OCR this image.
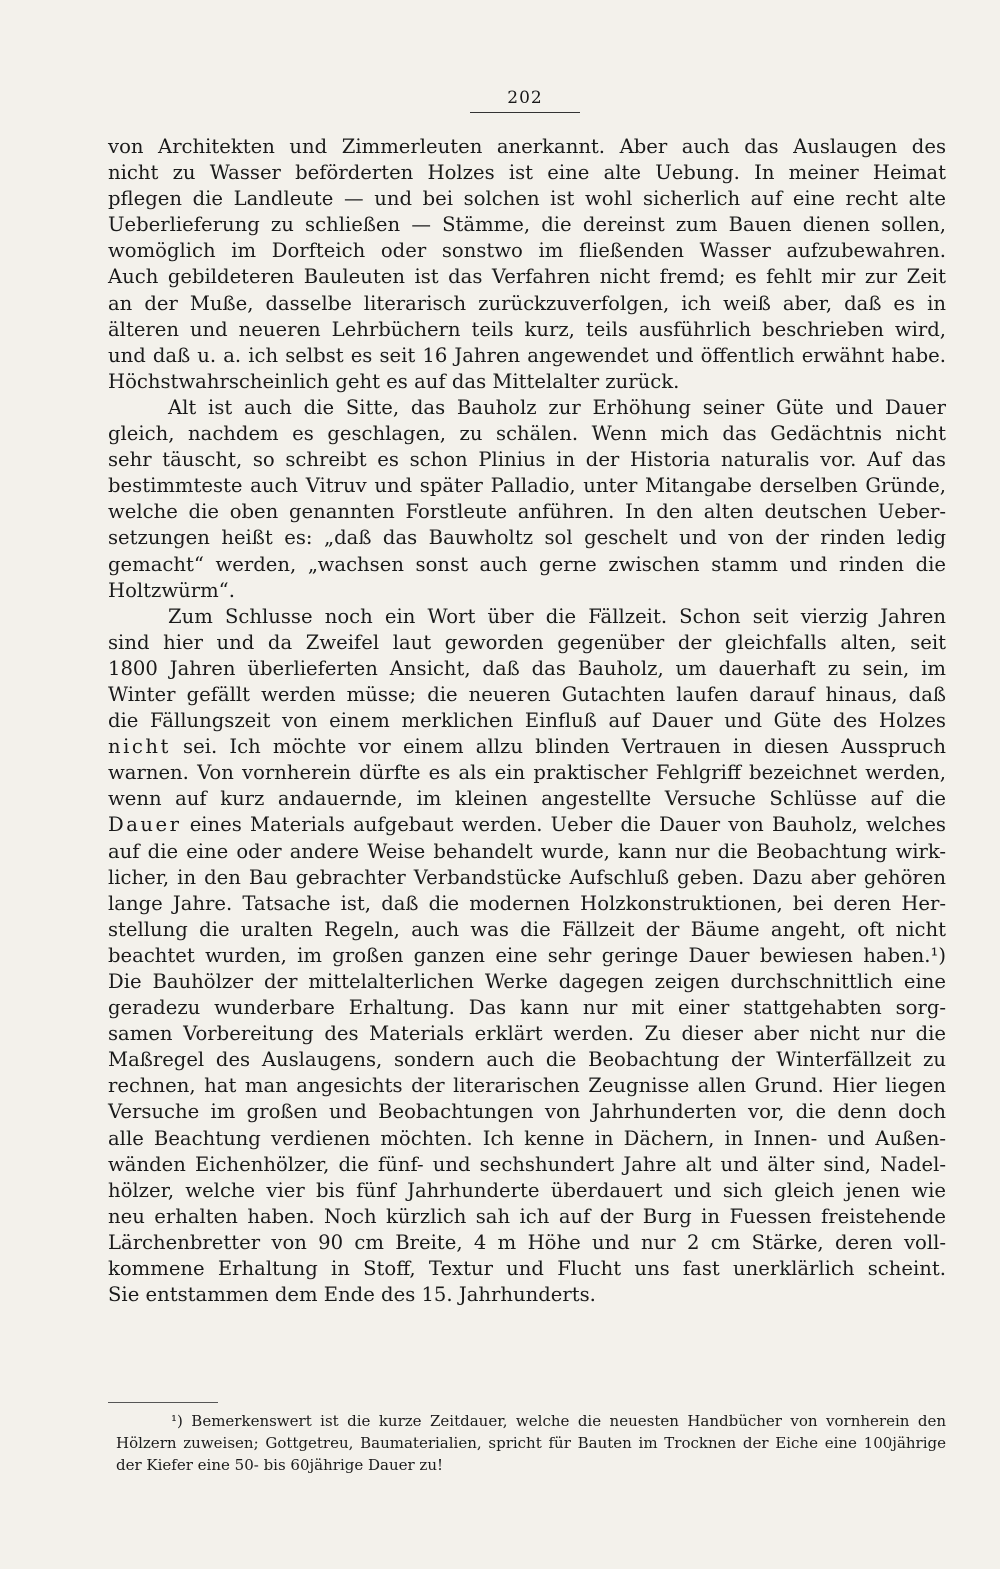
202
von Architekten und Zimmerleuten anerkannt. Aber auch das Auslaugen des
nicht zu Wasser beförderten Holzes ist eine alte Uebung. In meiner Heimat
pflegen die Landleute — und bei solchen ist wohl sicherlich auf eine recht alte
Ueberlieferung zu schließen — Stämme, die dereinst zum Bauen dienen sollen,
womöglich im Dorfteich oder sonstwo im fließenden Wasser aufzubewahren.
Auch gebildeteren Bauleuten ist das Verfahren nicht fremd; es fehlt mir zur Zeit
an der Muße, dasselbe literarisch zurückzuverfolgen, ich weiß aber, daß es in
älteren und neueren Lehrbüchern teils kurz, teils ausführlich beschrieben wird,
und daß u. a. ich selbst es seit 16 Jahren angewendet und öffentlich erwähnt habe.
Höchstwahrscheinlich geht es auf das Mittelalter zurück.
Alt ist auch die Sitte, das Bauholz zur Erhöhung seiner Güte und Dauer
gleich, nachdem es geschlagen, zu schälen. Wenn mich das Gedächtnis nicht
sehr täuscht, so schreibt es schon Plinius in der Historia naturalis vor. Auf das
bestimmteste auch Vitruv und später Palladio, unter Mitangabe derselben Gründe,
welche die oben genannten Forstleute anführen. In den alten deutschen Ueber-
setzungen heißt es: „daß das Bauwholtz sol geschelt und von der rinden ledig
gemacht“ werden, „wachsen sonst auch gerne zwischen stamm und rinden die
Holtzwürm“.
Zum Schlusse noch ein Wort über die Fällzeit. Schon seit vierzig Jahren
sind hier und da Zweifel laut geworden gegenüber der gleichfalls alten, seit
1800 Jahren überlieferten Ansicht, daß das Bauholz, um dauerhaft zu sein, im
Winter gefällt werden müsse; die neueren Gutachten laufen darauf hinaus, daß
die Fällungszeit von einem merklichen Einfluß auf Dauer und Güte des Holzes
nicht sei. Ich möchte vor einem allzu blinden Vertrauen in diesen Ausspruch
warnen. Von vornherein dürfte es als ein praktischer Fehlgriff bezeichnet werden,
wenn auf kurz andauernde, im kleinen angestellte Versuche Schlüsse auf die
Dauer eines Materials aufgebaut werden. Ueber die Dauer von Bauholz, welches
auf die eine oder andere Weise behandelt wurde, kann nur die Beobachtung wirk-
licher, in den Bau gebrachter Verbandstücke Aufschluß geben. Dazu aber gehören
lange Jahre. Tatsache ist, daß die modernen Holzkonstruktionen, bei deren Her-
stellung die uralten Regeln, auch was die Fällzeit der Bäume angeht, oft nicht
beachtet wurden, im großen ganzen eine sehr geringe Dauer bewiesen haben.¹)
Die Bauhölzer der mittelalterlichen Werke dagegen zeigen durchschnittlich eine
geradezu wunderbare Erhaltung. Das kann nur mit einer stattgehabten sorg-
samen Vorbereitung des Materials erklärt werden. Zu dieser aber nicht nur die
Maßregel des Auslaugens, sondern auch die Beobachtung der Winterfällzeit zu
rechnen, hat man angesichts der literarischen Zeugnisse allen Grund. Hier liegen
Versuche im großen und Beobachtungen von Jahrhunderten vor, die denn doch
alle Beachtung verdienen möchten. Ich kenne in Dächern, in Innen- und Außen-
wänden Eichenhölzer, die fünf- und sechshundert Jahre alt und älter sind, Nadel-
hölzer, welche vier bis fünf Jahrhunderte überdauert und sich gleich jenen wie
neu erhalten haben. Noch kürzlich sah ich auf der Burg in Fuessen freistehende
Lärchenbretter von 90 cm Breite, 4 m Höhe und nur 2 cm Stärke, deren voll-
kommene Erhaltung in Stoff, Textur und Flucht uns fast unerklärlich scheint.
Sie entstammen dem Ende des 15. Jahrhunderts.
¹) Bemerkenswert ist die kurze Zeitdauer, welche die neuesten Handbücher von vornherein den
Hölzern zuweisen; Gottgetreu, Baumaterialien, spricht für Bauten im Trocknen der Eiche eine 100jährige
der Kiefer eine 50- bis 60jährige Dauer zu!
